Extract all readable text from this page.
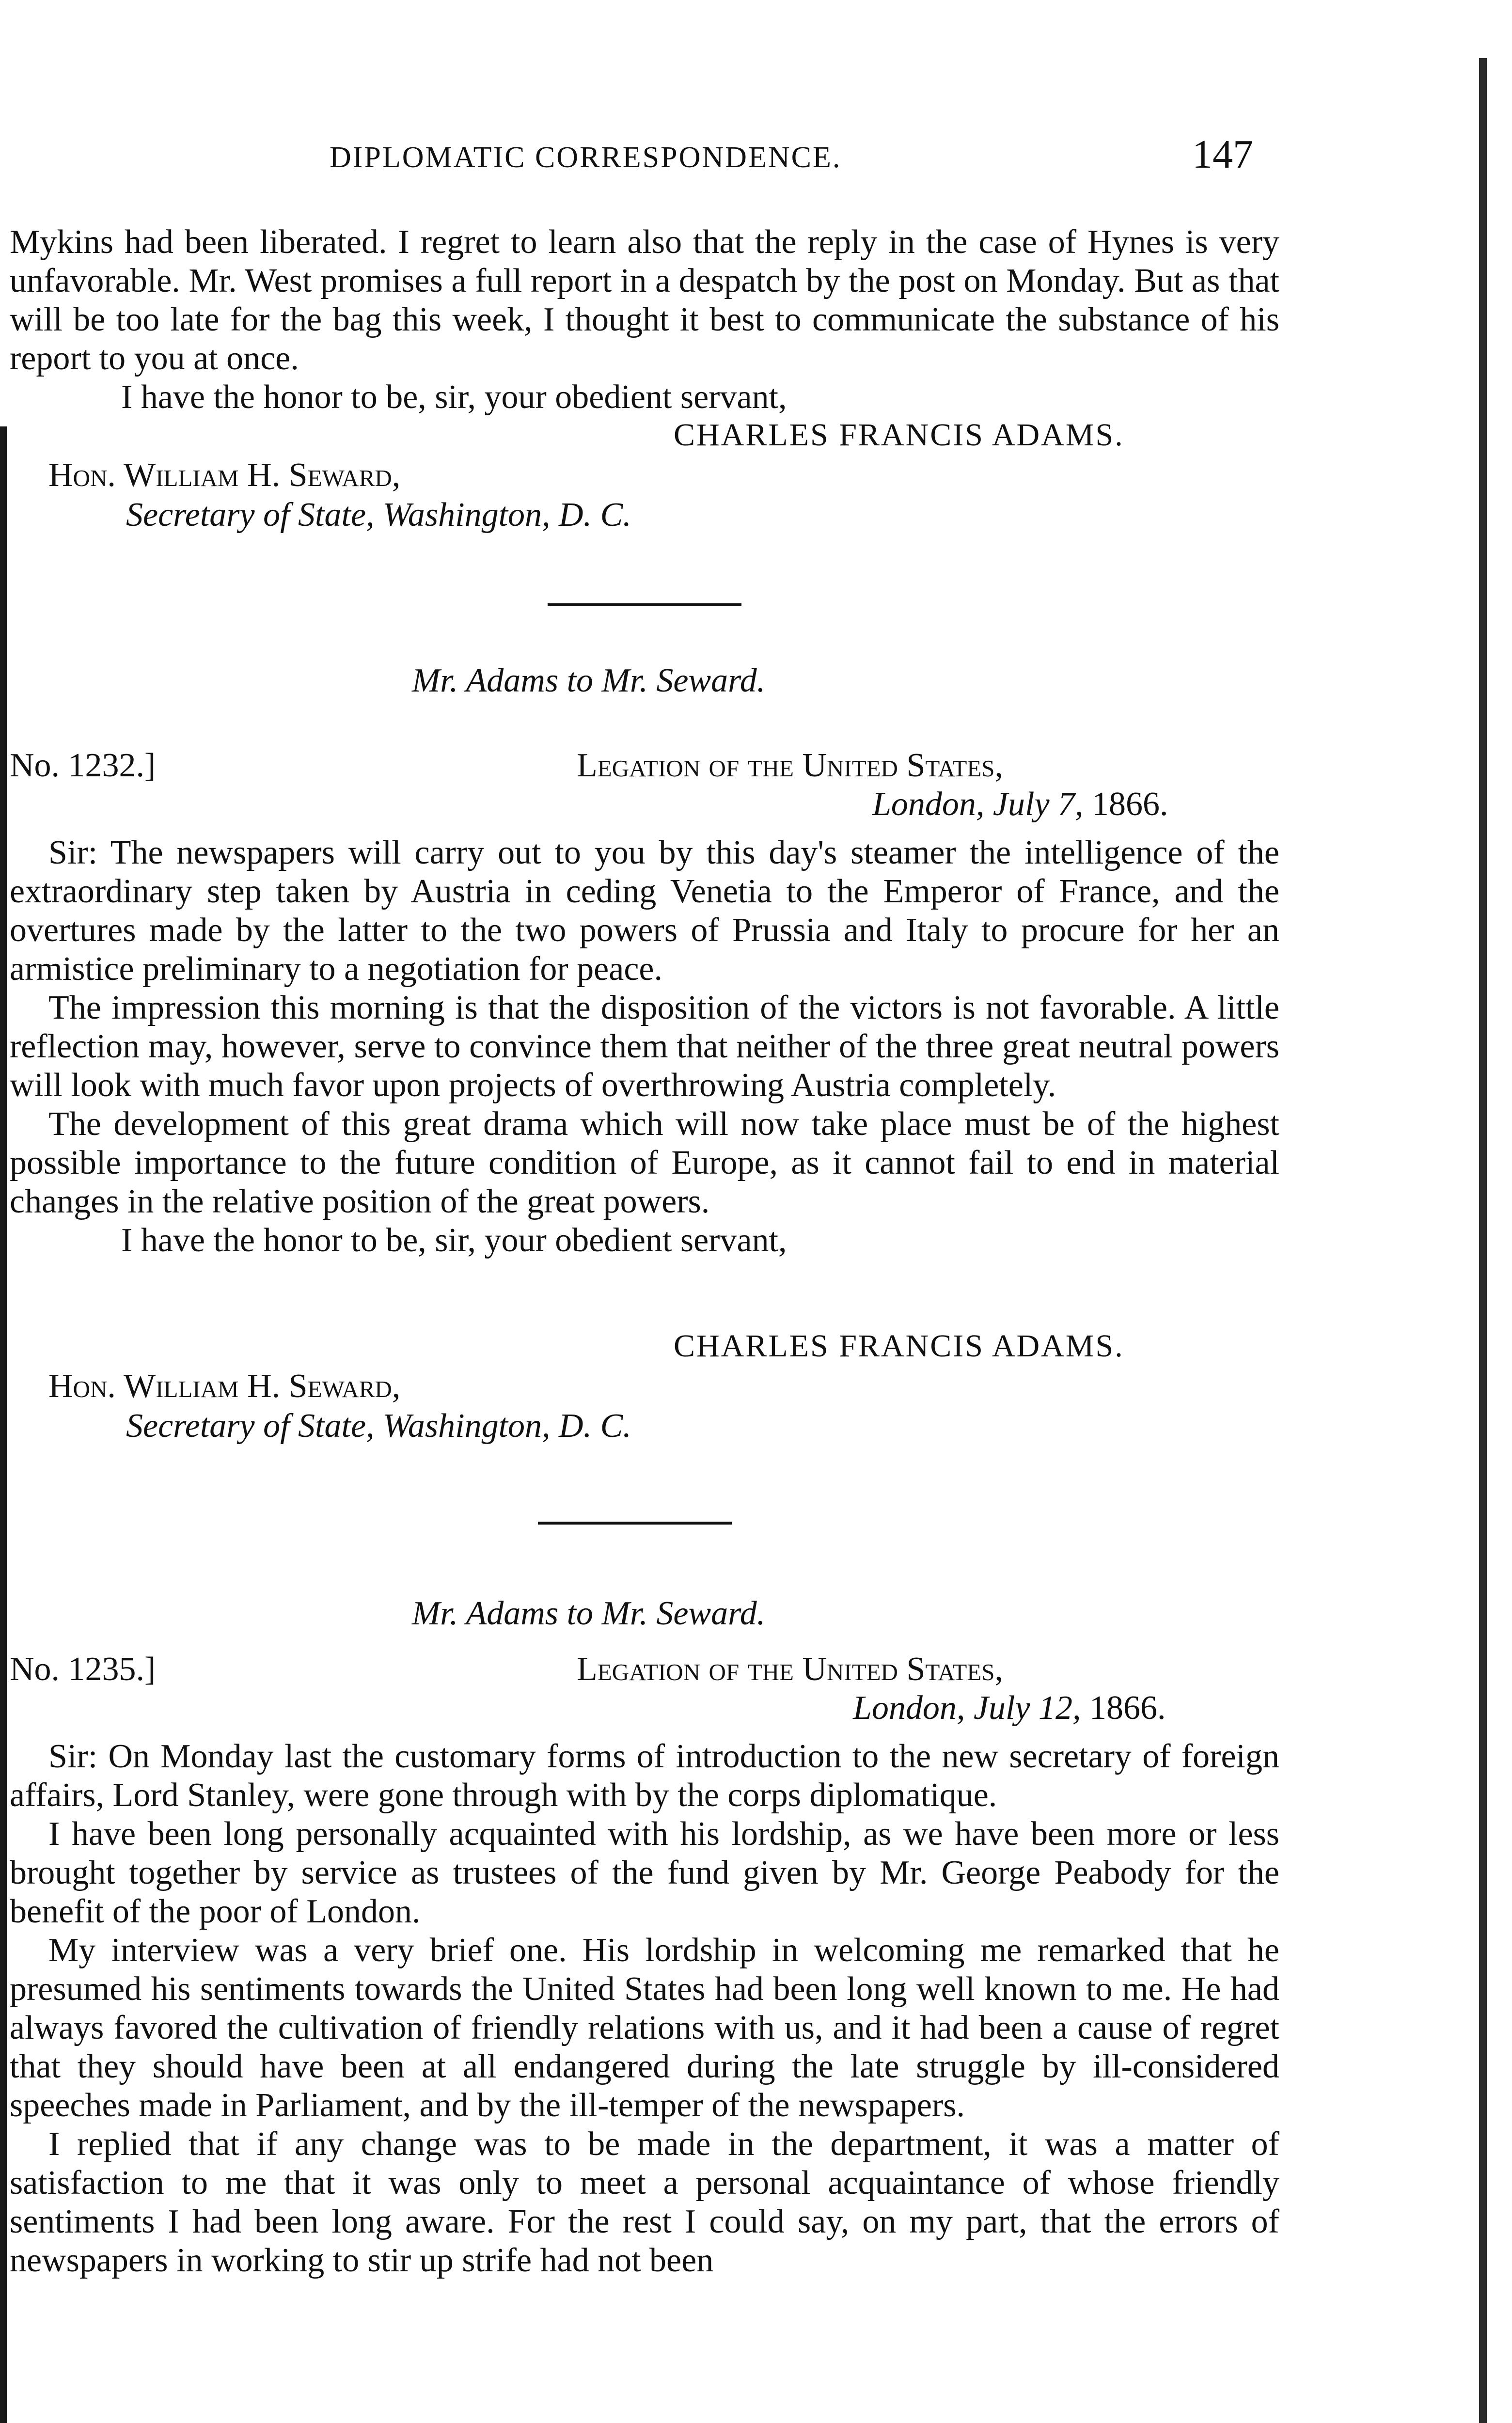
DIPLOMATIC CORRESPONDENCE.	147

Mykins had been liberated. I regret to learn also that the reply in the case of Hynes is very unfavorable. Mr. West promises a full report in a despatch by the post on Monday. But as that will be too late for the bag this week, I thought it best to communicate the substance of his report to you at once.

I have the honor to be, sir, your obedient servant,

CHARLES FRANCIS ADAMS.
Hon. William H. Seward,
Secretary of State, Washington, D. C.
Mr. Adams to Mr. Seward.
No. 1232.]	Legation of the United States,
London, July 7, 1866.

Sir: The newspapers will carry out to you by this day's steamer the intelligence of the extraordinary step taken by Austria in ceding Venetia to the Emperor of France, and the overtures made by the latter to the two powers of Prussia and Italy to procure for her an armistice preliminary to a negotiation for peace.

The impression this morning is that the disposition of the victors is not favorable. A little reflection may, however, serve to convince them that neither of the three great neutral powers will look with much favor upon projects of overthrowing Austria completely.

The development of this great drama which will now take place must be of the highest possible importance to the future condition of Europe, as it cannot fail to end in material changes in the relative position of the great powers.

I have the honor to be, sir, your obedient servant,

CHARLES FRANCIS ADAMS.
Hon. William H. Seward,
Secretary of State, Washington, D. C.
Mr. Adams to Mr. Seward.
No. 1235.]	Legation of the United States,
London, July 12, 1866.

Sir: On Monday last the customary forms of introduction to the new secretary of foreign affairs, Lord Stanley, were gone through with by the corps diplomatique.

I have been long personally acquainted with his lordship, as we have been more or less brought together by service as trustees of the fund given by Mr. George Peabody for the benefit of the poor of London.

My interview was a very brief one. His lordship in welcoming me remarked that he presumed his sentiments towards the United States had been long well known to me. He had always favored the cultivation of friendly relations with us, and it had been a cause of regret that they should have been at all endangered during the late struggle by ill-considered speeches made in Parliament, and by the ill-temper of the newspapers.

I replied that if any change was to be made in the department, it was a matter of satisfaction to me that it was only to meet a personal acquaintance of whose friendly sentiments I had been long aware. For the rest I could say, on my part, that the errors of newspapers in working to stir up strife had not been
